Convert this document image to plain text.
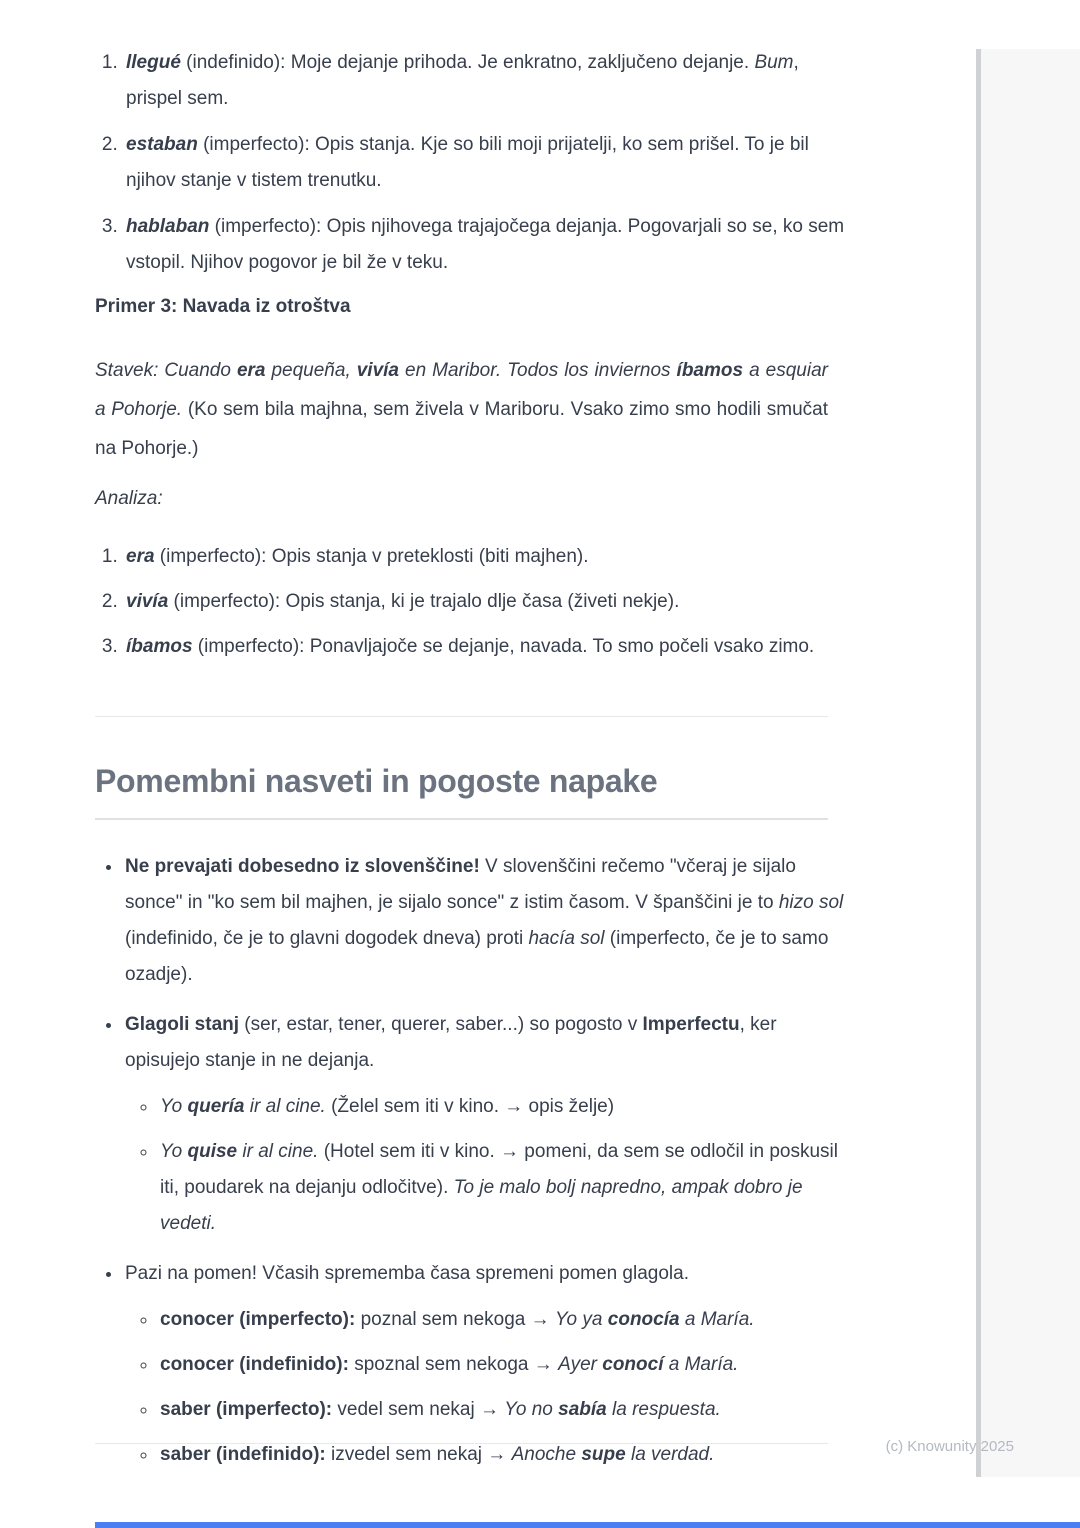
1. llegué (indefinido): Moje dejanje prihoda. Je enkratno, zaključeno dejanje. Bum, prispel sem.
2. estaban (imperfecto): Opis stanja. Kje so bili moji prijatelji, ko sem prišel. To je bil njihov stanje v tistem trenutku.
3. hablaban (imperfecto): Opis njihovega trajajočega dejanja. Pogovarjali so se, ko sem vstopil. Njihov pogovor je bil že v teku.
Primer 3: Navada iz otroštva

Stavek: Cuando era pequeña, vivía en Maribor. Todos los inviernos íbamos a esquiar a Pohorje. (Ko sem bila majhna, sem živela v Mariboru. Vsako zimo smo hodili smučat na Pohorje.)

Analiza:

1. era (imperfecto): Opis stanja v preteklosti (biti majhen).
2. vivía (imperfecto): Opis stanja, ki je trajalo dlje časa (živeti nekje).
3. íbamos (imperfecto): Ponavljajoče se dejanje, navada. To smo počeli vsako zimo.
Pomembni nasveti in pogoste napake
• Ne prevajati dobesedno iz slovenščine! V slovenščini rečemo "včeraj je sijalo sonce" in "ko sem bil majhen, je sijalo sonce" z istim časom. V španščini je to hizo sol (indefinido, če je to glavni dogodek dneva) proti hacía sol (imperfecto, če je to samo ozadje).
• Glagoli stanj (ser, estar, tener, querer, saber...) so pogosto v Imperfectu, ker opisujejo stanje in ne dejanja.
◦ Yo quería ir al cine. (Želel sem iti v kino. → opis želje)
◦ Yo quise ir al cine. (Hotel sem iti v kino. → pomeni, da sem se odločil in poskusil iti, poudarek na dejanju odločitve). To je malo bolj napredno, ampak dobro je vedeti.
• Pazi na pomen! Včasih sprememba časa spremeni pomen glagola.
◦ conocer (imperfecto): poznal sem nekoga → Yo ya conocía a María.
◦ conocer (indefinido): spoznal sem nekoga → Ayer conocí a María.
◦ saber (imperfecto): vedel sem nekaj → Yo no sabía la respuesta.
◦ saber (indefinido): izvedel sem nekaj → Anoche supe la verdad.	(c) Knowunity 2025
